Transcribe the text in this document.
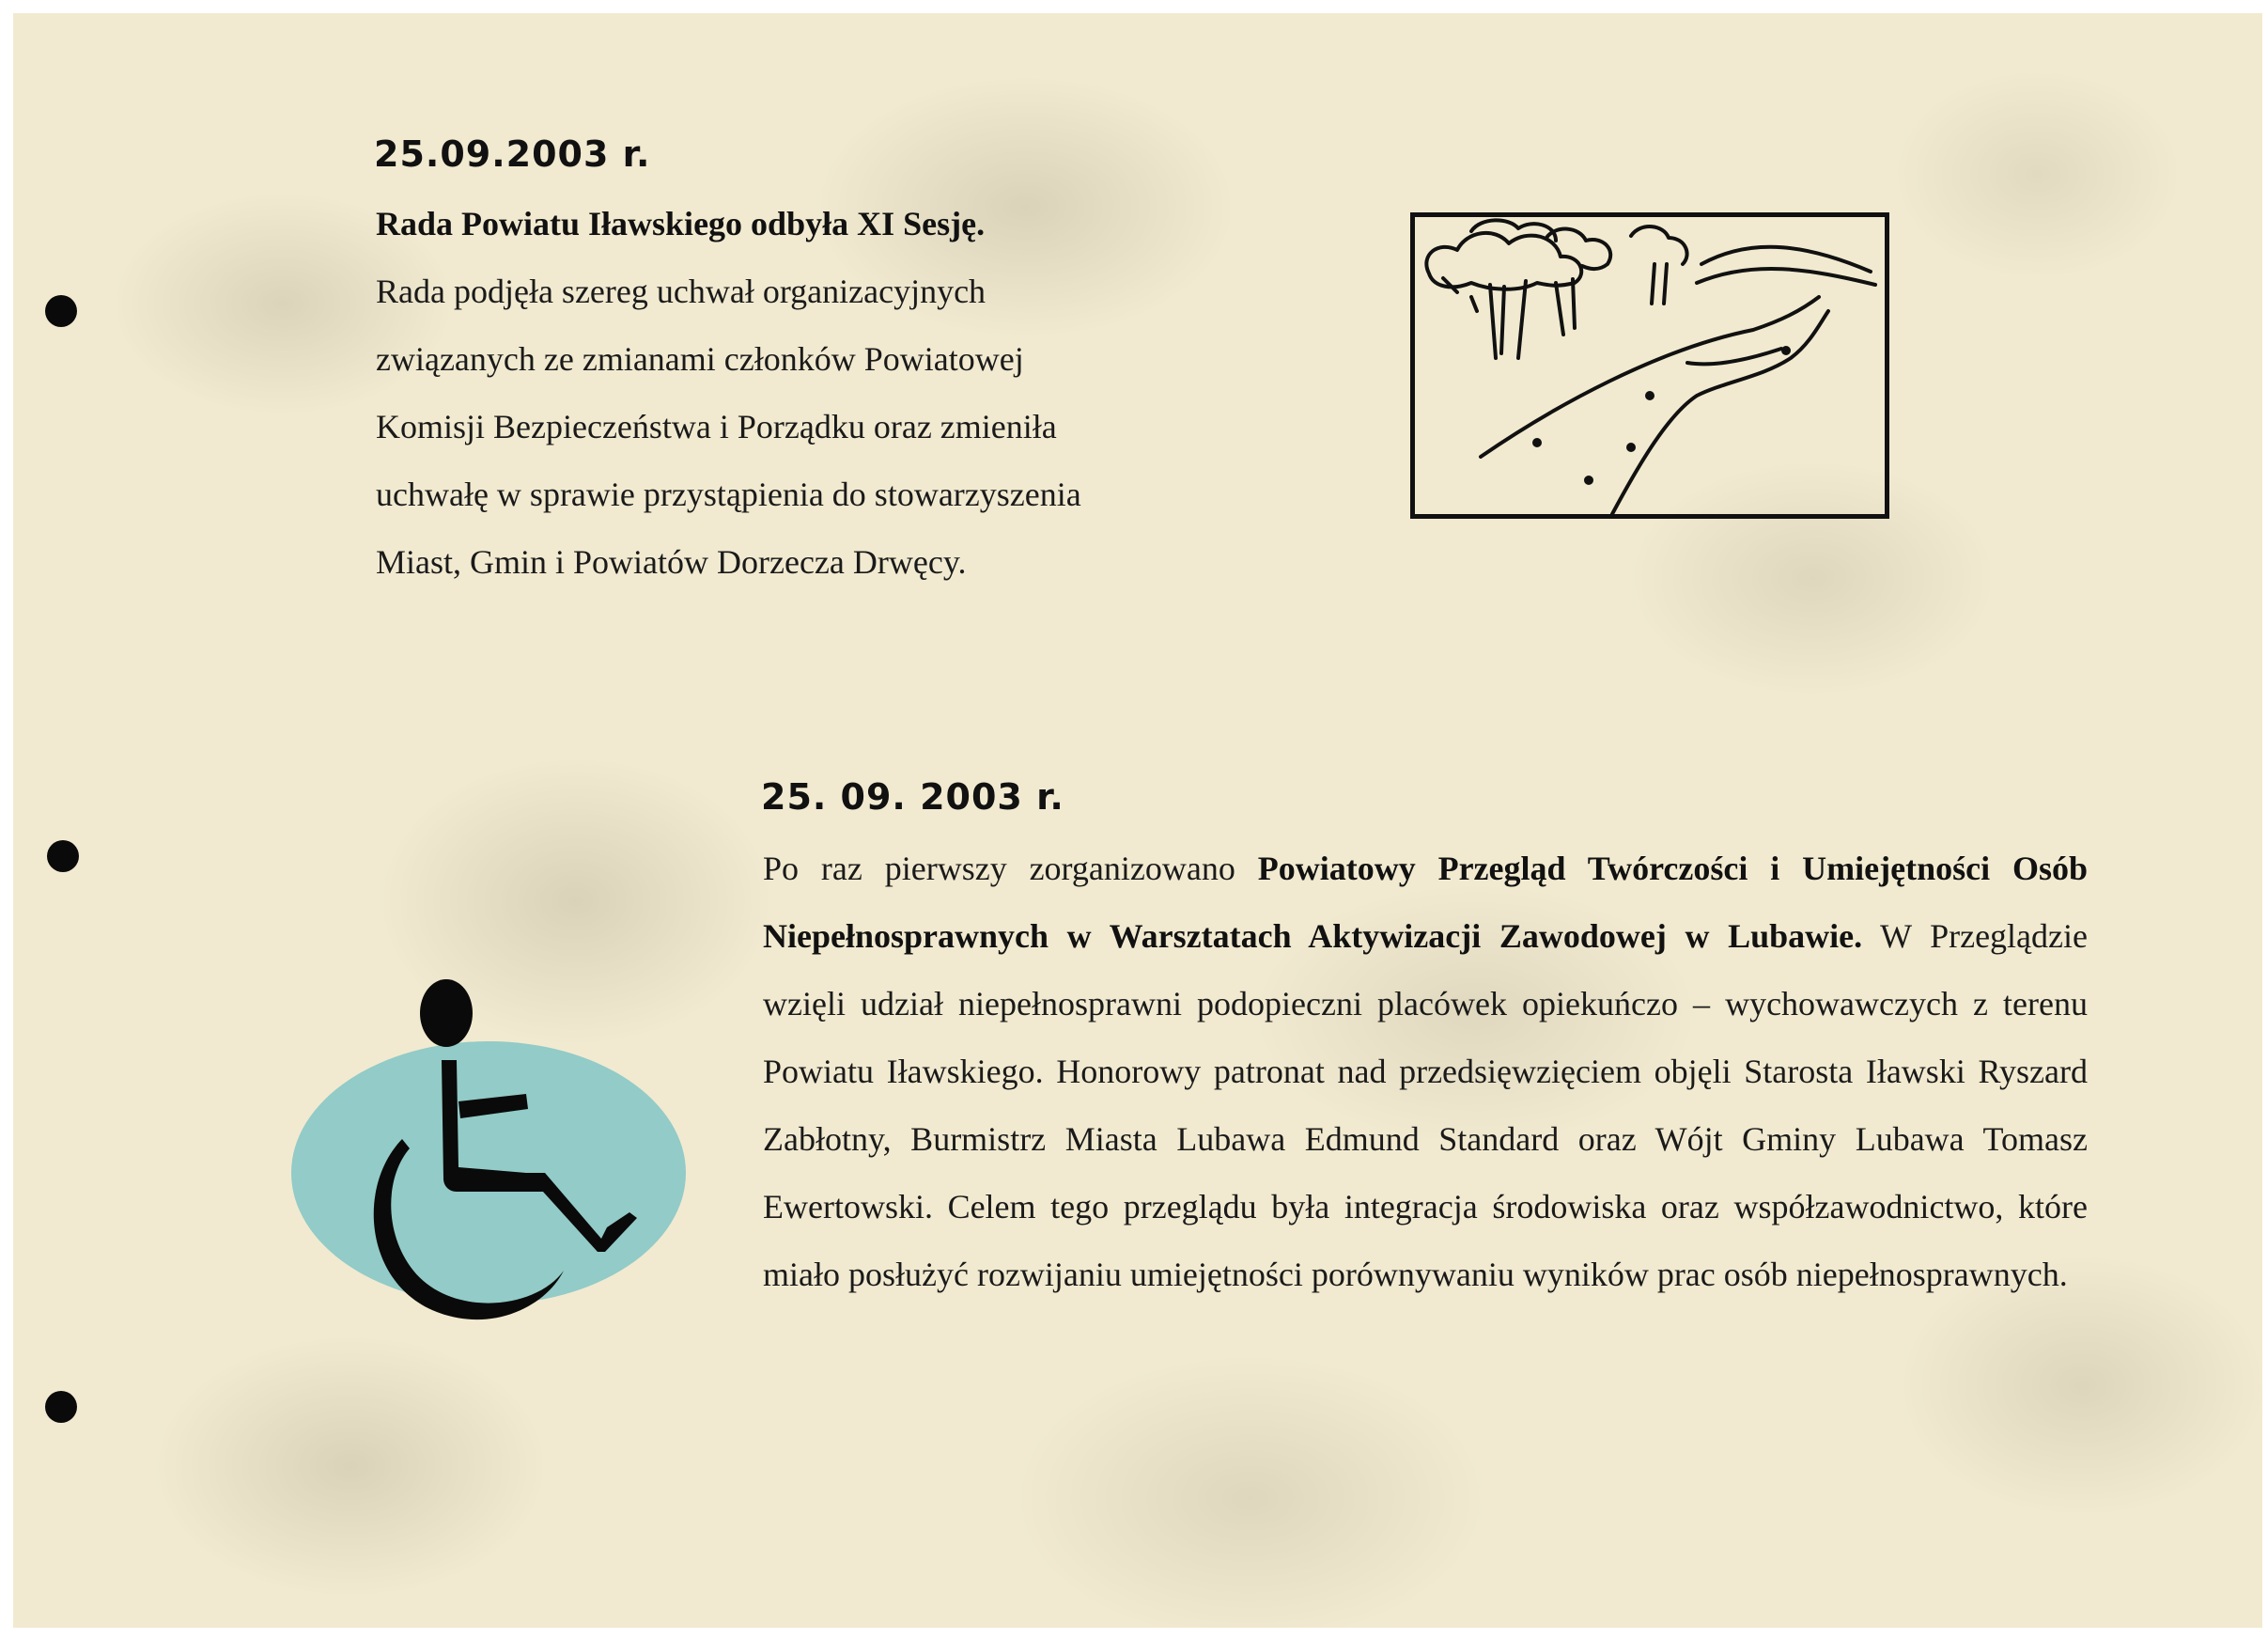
25.09.2003 r.

Rada Powiatu Iławskiego odbyła XI Sesję.

Rada podjęła szereg uchwał organizacyjnych

związanych ze zmianami członków Powiatowej

Komisji Bezpieczeństwa i Porządku oraz zmieniła

uchwałę w sprawie przystąpienia do stowarzyszenia

Miast, Gmin i Powiatów Dorzecza Drwęcy.

25. 09. 2003 r.

Po raz pierwszy zorganizowano Powiatowy Przegląd Twórczości i Umiejętności Osób Niepełnosprawnych w Warsztatach Aktywizacji Zawodowej w Lubawie. W Przeglądzie wzięli udział niepełnosprawni podopieczni placówek opiekuńczo – wychowawczych z terenu Powiatu Iławskiego. Honorowy patronat nad przedsięwzięciem objęli Starosta Iławski Ryszard Zabłotny, Burmistrz Miasta Lubawa Edmund Standard oraz Wójt Gminy Lubawa Tomasz Ewertowski. Celem tego przeglądu była integracja środowiska oraz współzawodnictwo, które miało posłużyć rozwijaniu umiejętności porównywaniu wyników prac osób niepełnosprawnych.
